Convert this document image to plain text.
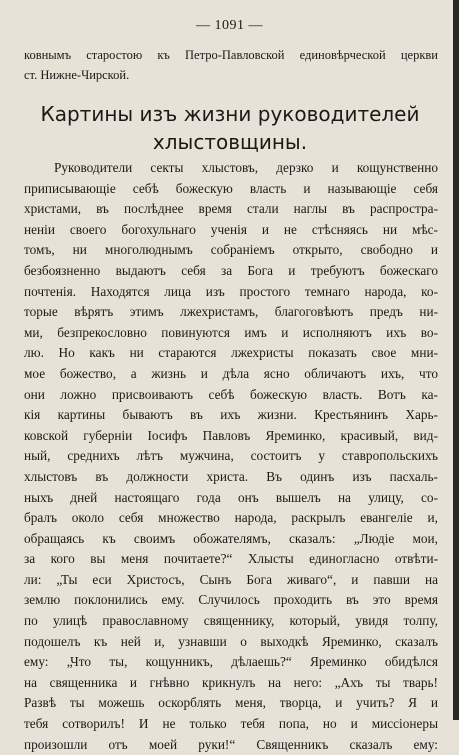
— 1091 —
ковнымъ старостою къ Петро-Павловской единовѣрческой церкви
ст. Нижне-Чирской.
Картины изъ жизни руководителей хлыстовщины.
Руководители секты хлыстовъ, дерзко и кощунственно
приписывающіе себѣ божескую власть и называющіе себя
христами, въ послѣднее время стали наглы въ распростра-
неніи своего богохульнаго ученія и не стѣсняясь ни мѣс-
томъ, ни многолюднымъ собраніемъ открыто, свободно и
безбоязненно выдаютъ себя за Бога и требуютъ божескаго
почтенія. Находятся лица изъ простого темнаго народа, ко-
торые вѣрятъ этимъ лжехристамъ, благоговѣютъ предъ ни-
ми, безпрекословно повинуются имъ и исполняютъ ихъ во-
лю. Но какъ ни стараются лжехристы показать свое мни-
мое божество, а жизнь и дѣла ясно обличаютъ ихъ, что
они ложно присвоиваютъ себѣ божескую власть. Вотъ ка-
кія картины бываютъ въ ихъ жизни. Крестьянинъ Харь-
ковской губерніи Іосифъ Павловъ Яреминко, красивый, вид-
ный, среднихъ лѣтъ мужчина, состоитъ у ставропольскихъ
хлыстовъ въ должности христа. Въ одинъ изъ пасхаль-
ныхъ дней настоящаго года онъ вышелъ на улицу, со-
бралъ около себя множество народа, раскрылъ евангеліе и,
обращаясь къ своимъ обожателямъ, сказалъ: „Людіе мои,
за кого вы меня почитаете?“ Хлысты единогласно отвѣти-
ли: „Ты еси Христосъ, Сынъ Бога живаго“, и павши на
землю поклонились ему. Случилось проходить въ это время
по улицѣ православному священнику, который, увидя толпу,
подошелъ къ ней и, узнавши о выходкѣ Яреминко, сказалъ
ему: „Что ты, кощунникъ, дѣлаешь?“ Яреминко обидѣлся
на священника и гнѣвно крикнулъ на него: „Ахъ ты тварь!
Развѣ ты можешь оскорблять меня, творца, и учить? Я и
тебя сотворилъ! И не только тебя попа, но и миссіонеры
произошли отъ моей руки!“ Священникъ сказалъ ему:
